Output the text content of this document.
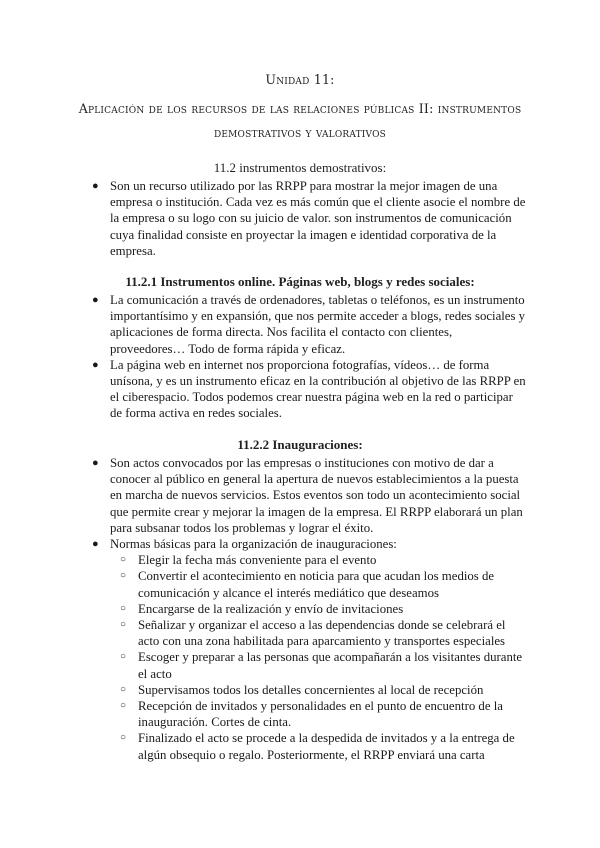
Unidad 11:
Aplicación de los recursos de las relaciones públicas II: instrumentos demostrativos y valorativos
11.2 instrumentos demostrativos:
● Son un recurso utilizado por las RRPP para mostrar la mejor imagen de una empresa o institución. Cada vez es más común que el cliente asocie el nombre de la empresa o su logo con su juicio de valor. son instrumentos de comunicación cuya finalidad consiste en proyectar la imagen e identidad corporativa de la empresa.
11.2.1 Instrumentos online. Páginas web, blogs y redes sociales:
● La comunicación a través de ordenadores, tabletas o teléfonos, es un instrumento importantísimo y en expansión, que nos permite acceder a blogs, redes sociales y aplicaciones de forma directa. Nos facilita el contacto con clientes, proveedores… Todo de forma rápida y eficaz.
● La página web en internet nos proporciona fotografías, vídeos… de forma unísona, y es un instrumento eficaz en la contribución al objetivo de las RRPP en el ciberespacio. Todos podemos crear nuestra página web en la red o participar de forma activa en redes sociales.
11.2.2 Inauguraciones:
● Son actos convocados por las empresas o instituciones con motivo de dar a conocer al público en general la apertura de nuevos establecimientos a la puesta en marcha de nuevos servicios. Estos eventos son todo un acontecimiento social que permite crear y mejorar la imagen de la empresa. El RRPP elaborará un plan para subsanar todos los problemas y lograr el éxito.
● Normas básicas para la organización de inauguraciones:
○ Elegir la fecha más conveniente para el evento
○ Convertir el acontecimiento en noticia para que acudan los medios de comunicación y alcance el interés mediático que deseamos
○ Encargarse de la realización y envío de invitaciones
○ Señalizar y organizar el acceso a las dependencias donde se celebrará el acto con una zona habilitada para aparcamiento y transportes especiales
○ Escoger y preparar a las personas que acompañarán a los visitantes durante el acto
○ Supervisamos todos los detalles concernientes al local de recepción
○ Recepción de invitados y personalidades en el punto de encuentro de la inauguración. Cortes de cinta.
○ Finalizado el acto se procede a la despedida de invitados y a la entrega de algún obsequio o regalo. Posteriormente, el RRPP enviará una carta
